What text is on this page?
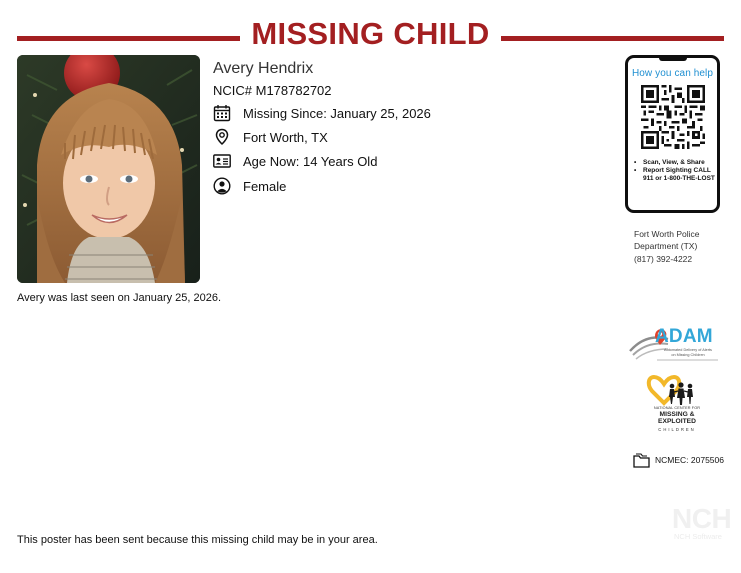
MISSING CHILD
Avery Hendrix
NCIC# M178782702
Missing Since: January 25, 2026
Fort Worth, TX
Age Now: 14 Years Old
Female
Avery was last seen on January 25, 2026.
How you can help
• Scan, View, & Share
• Report Sighting CALL 911 or 1-800-THE-LOST
Fort Worth Police
Department (TX)
(817) 392-4222
ADAM
Automated Delivery of Alerts
on Missing Children
NATIONAL CENTER FOR
MISSING &
EXPLOITED
CHILDREN
NCMEC: 2075506
NCH
NCH Software
This poster has been sent because this missing child may be in your area.
